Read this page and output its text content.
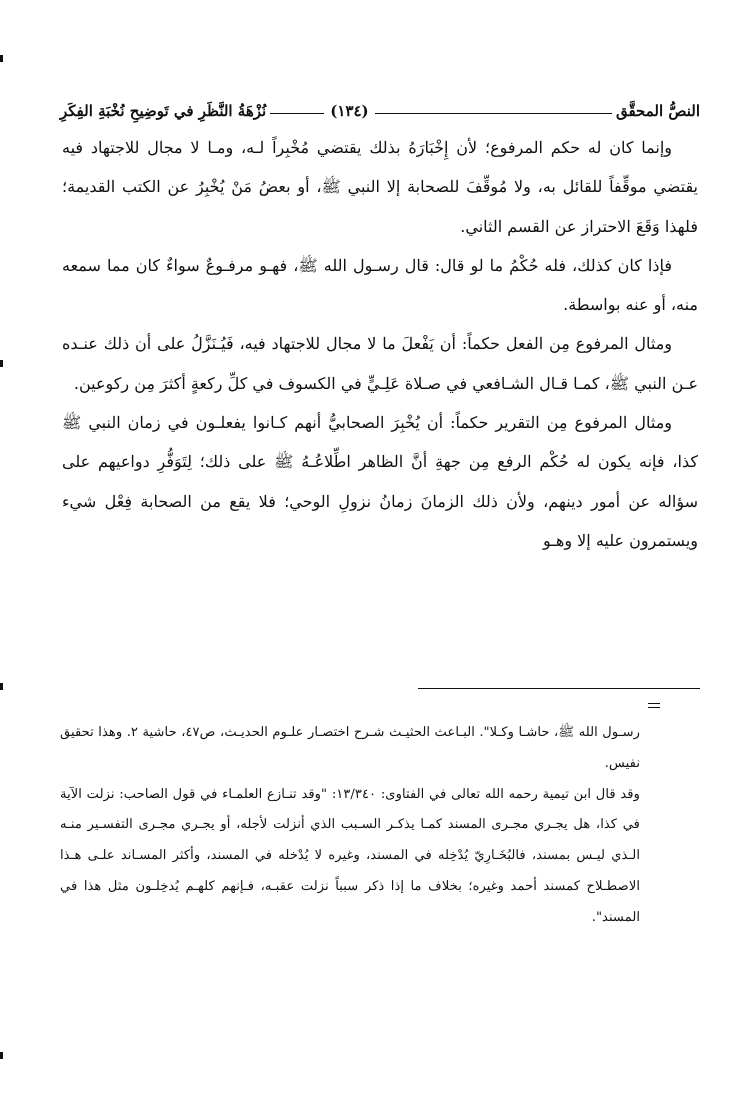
النصُّ المحقَّق
(١٣٤)
نُزْهَةُ النَّظَرِ في تَوضِيحِ نُخْبَةِ الفِكَرِ

وإنما كان له حكم المرفوع؛ لأن إِخْبَارَهُ بذلك يقتضي مُخْبِراً لـه، ومـا لا مجال للاجتهاد فيه يقتضي موقِّفاً للقائل به، ولا مُوقِّفَ للصحابة إلا النبي ﷺ، أو بعضُ مَنْ يُخْبِرُ عن الكتب القديمة؛ فلهذا وَقَعَ الاحتراز عن القسم الثاني.

فإذا كان كذلك، فله حُكْمُ ما لو قال: قال رسـول الله ﷺ، فهـو مرفـوعٌ سواءٌ كان مما سمعه منه، أو عنه بواسطة.

ومثال المرفوع مِن الفعل حكماً: أن يَفْعلَ ما لا مجال للاجتهاد فيه، فَيُـنَزَّلُ على أن ذلك عنـده عـن النبي ﷺ، كمـا قـال الشـافعي في صـلاة عَلِـيٍّ في الكسوف في كلِّ ركعةٍ أكثرَ مِن ركوعين.

ومثال المرفوع مِن التقرير حكماً: أن يُخْبِرَ الصحابيُّ أنهم كـانوا يفعلـون في زمان النبي ﷺ كذا، فإنه يكون له حُكْم الرفع مِن جهةِ أنَّ الظاهر اطِّلاعُـهُ ﷺ على ذلك؛ لِتَوَفُّرِ دواعيهم على سؤاله عن أمور دينهم، ولأن ذلك الزمانَ زمانُ نزولِ الوحي؛ فلا يقع من الصحابة فِعْل شيء ويستمرون عليه إلا وهـو

رسـول الله ﷺ، حاشـا وكـلا". البـاعث الحثيـث شـرح اختصـار علـوم الحديـث، ص٤٧، حاشية ٢. وهذا تحقيق نفيس.

وقد قال ابن تيمية رحمه الله تعالى في الفتاوى: ١٣/٣٤٠: "وقد تنـازع العلمـاء في قول الصاحب: نزلت الآية في كذا، هل يجـري مجـرى المسند كمـا يذكـر السـبب الذي أنزلت لأجله، أو يجـري مجـرى التفسـير منـه الـذي ليـس بمسند، فالبُخَـارِيّ يُدْخِله في المسند، وغيره لا يُدْخله في المسند، وأكثر المسـاند علـى هـذا الاصطـلاح كمسند أحمد وغيره؛ بخلاف ما إذا ذكر سبباً نزلت عقبـه، فـإنهم كلهـم يُدخِلـون مثل هذا في المسند".
